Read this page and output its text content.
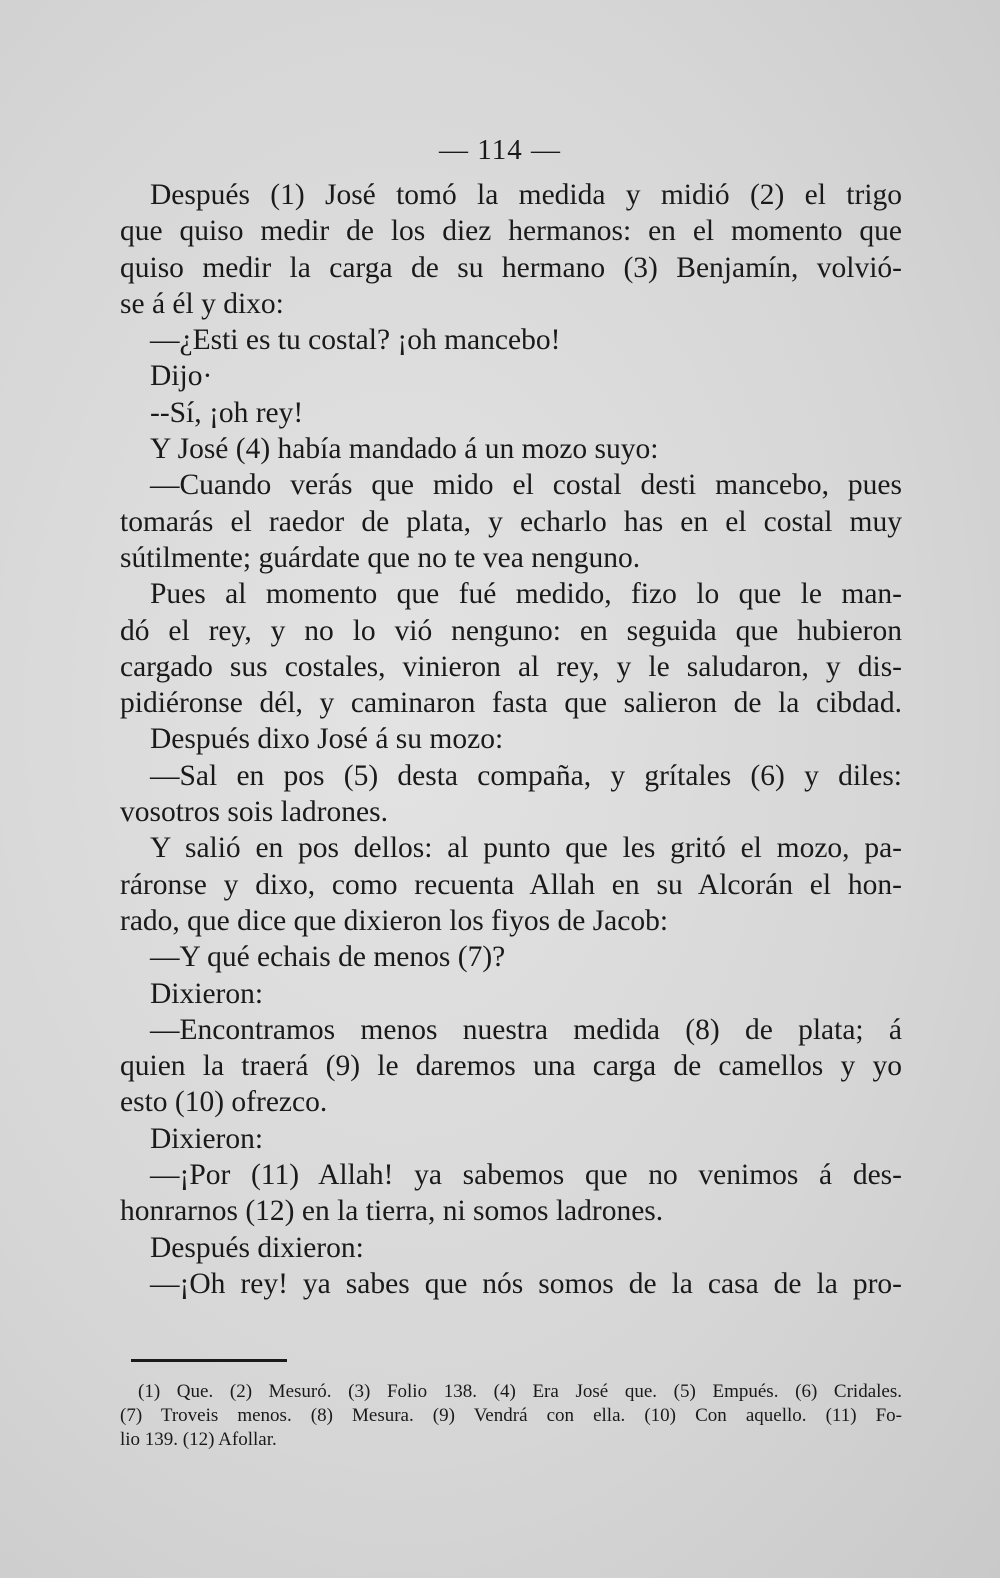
— 114 —
Después (1) José tomó la medida y midió (2) el trigo
que quiso medir de los diez hermanos: en el momento que
quiso medir la carga de su hermano (3) Benjamín, volvió-
se á él y dixo:
—¿Esti es tu costal? ¡oh mancebo!
Dijo·
--Sí, ¡oh rey!
Y José (4) había mandado á un mozo suyo:
—Cuando verás que mido el costal desti mancebo, pues
tomarás el raedor de plata, y echarlo has en el costal muy
sútilmente; guárdate que no te vea nenguno.
Pues al momento que fué medido, fizo lo que le man-
dó el rey, y no lo vió nenguno: en seguida que hubieron
cargado sus costales, vinieron al rey, y le saludaron, y dis-
pidiéronse dél, y caminaron fasta que salieron de la cibdad.
Después dixo José á su mozo:
—Sal en pos (5) desta compaña, y grítales (6) y diles:
vosotros sois ladrones.
Y salió en pos dellos: al punto que les gritó el mozo, pa-
ráronse y dixo, como recuenta Allah en su Alcorán el hon-
rado, que dice que dixieron los fiyos de Jacob:
—Y qué echais de menos (7)?
Dixieron:
—Encontramos menos nuestra medida (8) de plata; á
quien la traerá (9) le daremos una carga de camellos y yo
esto (10) ofrezco.
Dixieron:
—¡Por (11) Allah! ya sabemos que no venimos á des-
honrarnos (12) en la tierra, ni somos ladrones.
Después dixieron:
—¡Oh rey! ya sabes que nós somos de la casa de la pro-
(1) Que. (2) Mesuró. (3) Folio 138. (4) Era José que. (5) Empués. (6) Cridales.
(7) Troveis menos. (8) Mesura. (9) Vendrá con ella. (10) Con aquello. (11) Fo-
lio 139. (12) Afollar.
